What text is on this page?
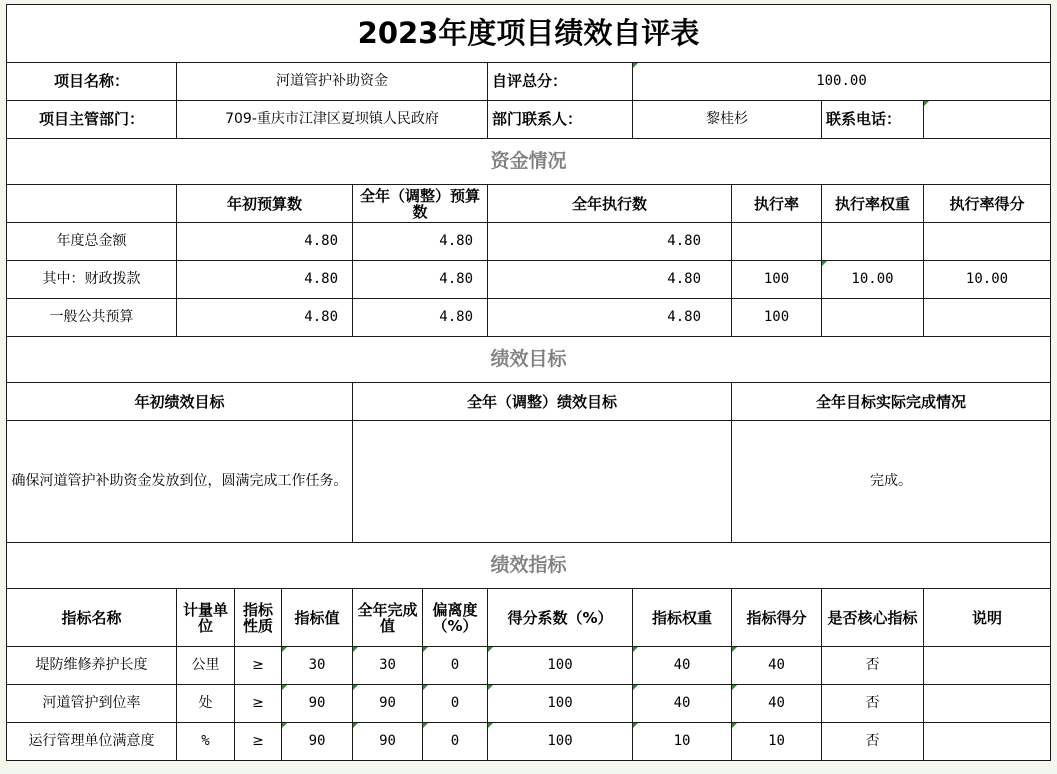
2023年度项目绩效自评表										
项目名称：	河道管护补助资金					自评总分：	100.00			
项目主管部门：	709-重庆市江津区夏坝镇人民政府					部门联系人：	黎桂杉		联系电话：	
资金情况										
	年初预算数			全年（调整）预算数		全年执行数		执行率	执行率权重	执行率得分
年度总金额	4.80			4.80		4.80				
其中：财政拨款	4.80			4.80		4.80		100	10.00	10.00
一般公共预算	4.80			4.80		4.80		100		
绩效目标										
年初绩效目标				全年（调整）绩效目标				全年目标实际完成情况		
确保河道管护补助资金发放到位，圆满完成工作任务。								完成。		
绩效指标										
指标名称	计量单位	指标性质	指标值	全年完成值	偏离度（%）	得分系数（%）	指标权重	指标得分	是否核心指标	说明
堤防维修养护长度	公里	≥	30	30	0	100	40	40	否	
河道管护到位率	处	≥	90	90	0	100	40	40	否	
运行管理单位满意度	%	≥	90	90	0	100	10	10	否	
